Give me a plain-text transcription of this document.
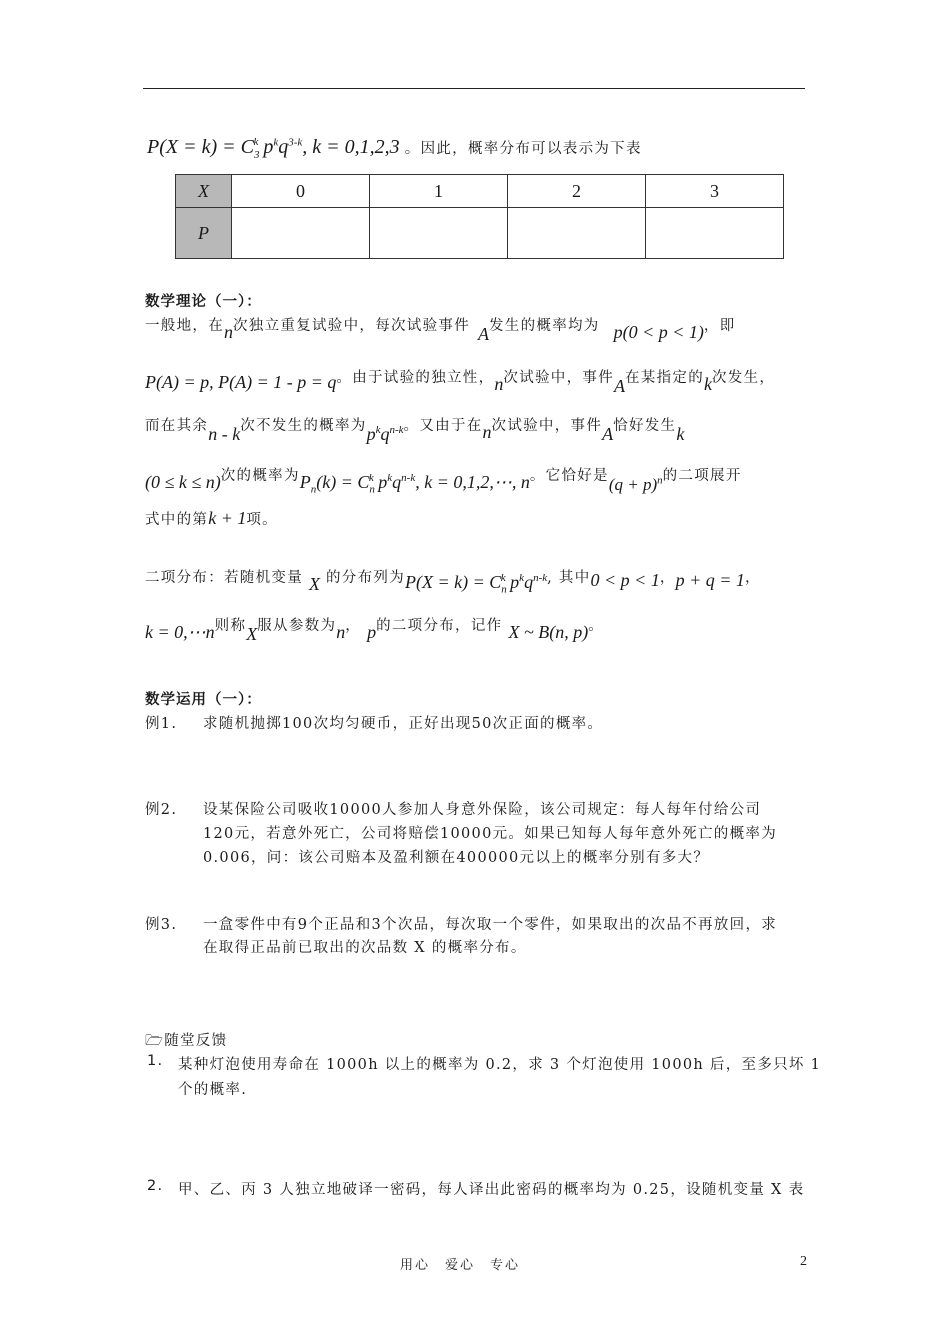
$P(X = k) = C_3^k$ $p^kq^{3-k}$, k = 0,1,2,3 。因此，概率分布可以表示为下表
X	0	1	2	3
P				
数学理论（一）：
一般地，在n次独立重复试验中，每次试验事件 A发生的概率均为 p(0 < p < 1)，即
P(A) = p, P(A) = 1 - p = q。由于试验的独立性，n次试验中，事件A在某指定的k次发生，
而在其余n - k次不发生的概率为$p^kq^{n-k}$。又由于在n次试验中，事件A恰好发生k
(0 ≤ k ≤ n)次的概率为$P_n(k) = C_n^k$ $p^kq^{n-k}$, k = 0,1,2,⋯, n。它恰好是$(q + p)^n$的二项展开
式中的第k + 1项。
二项分布：若随机变量 X 的分布列为$P(X = k) = C_n^k$ $p^kq^{n-k}$, 其中0 < p < 1，p + q = 1，
k = 0,⋯n则称X服从参数为n， p的二项分布，记作 X ~ B(n, p)。
数学运用（一）：
例1. 求随机抛掷100次均匀硬币，正好出现50次正面的概率。
例2. 设某保险公司吸收10000人参加人身意外保险，该公司规定：每人每年付给公司
120元，若意外死亡，公司将赔偿10000元。如果已知每人每年意外死亡的概率为
0.006，问：该公司赔本及盈利额在400000元以上的概率分别有多大？
例3. 一盒零件中有9个正品和3个次品，每次取一个零件，如果取出的次品不再放回，求
在取得正品前已取出的次品数 X 的概率分布。
🗁随堂反馈
1. 某种灯泡使用寿命在 1000h 以上的概率为 0.2，求 3 个灯泡使用 1000h 后，至多只坏 1
个的概率.
2. 甲、乙、丙 3 人独立地破译一密码，每人译出此密码的概率均为 0.25，设随机变量 X 表
用心　爱心　专心	2
